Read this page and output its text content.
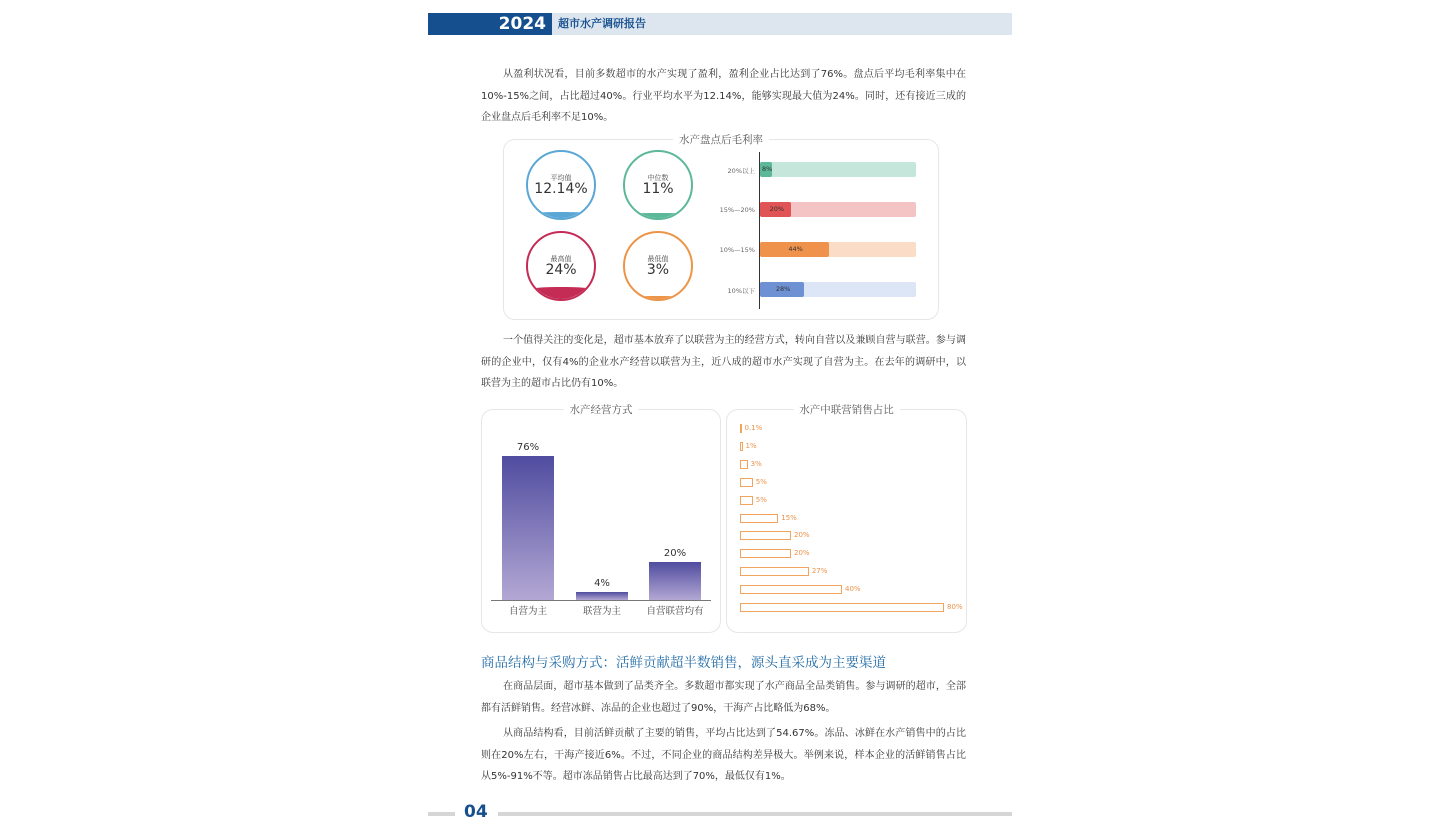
2024	超市水产调研报告

从盈利状况看，目前多数超市的水产实现了盈利，盈利企业占比达到了76%。盘点后平均毛利率集中在10%-15%之间，占比超过40%。行业平均水平为12.14%，能够实现最大值为24%。同时，还有接近三成的企业盘点后毛利率不足10%。

水产盘点后毛利率
平均值
12.14%
中位数
11%
最高值
24%
最低值
3%
20%以上 8%
15%—20% 20%
10%—15%	44%
10%以下	28%

一个值得关注的变化是，超市基本放弃了以联营为主的经营方式，转向自营以及兼顾自营与联营。参与调研的企业中，仅有4%的企业水产经营以联营为主，近八成的超市水产实现了自营为主。在去年的调研中，以联营为主的超市占比仍有10%。

水产经营方式
76%
自营为主
4%
联营为主
20%
自营联营均有
水产中联营销售占比
0.1%
1%
3%
5%
5%
15%
20%
20%
27%
40%
80%
商品结构与采购方式：活鲜贡献超半数销售，源头直采成为主要渠道

在商品层面，超市基本做到了品类齐全。多数超市都实现了水产商品全品类销售。参与调研的超市，全部都有活鲜销售。经营冰鲜、冻品的企业也超过了90%，干海产占比略低为68%。

从商品结构看，目前活鲜贡献了主要的销售，平均占比达到了54.67%。冻品、冰鲜在水产销售中的占比则在20%左右，干海产接近6%。不过，不同企业的商品结构差异极大。举例来说，样本企业的活鲜销售占比从5%-91%不等。超市冻品销售占比最高达到了70%，最低仅有1%。

04
